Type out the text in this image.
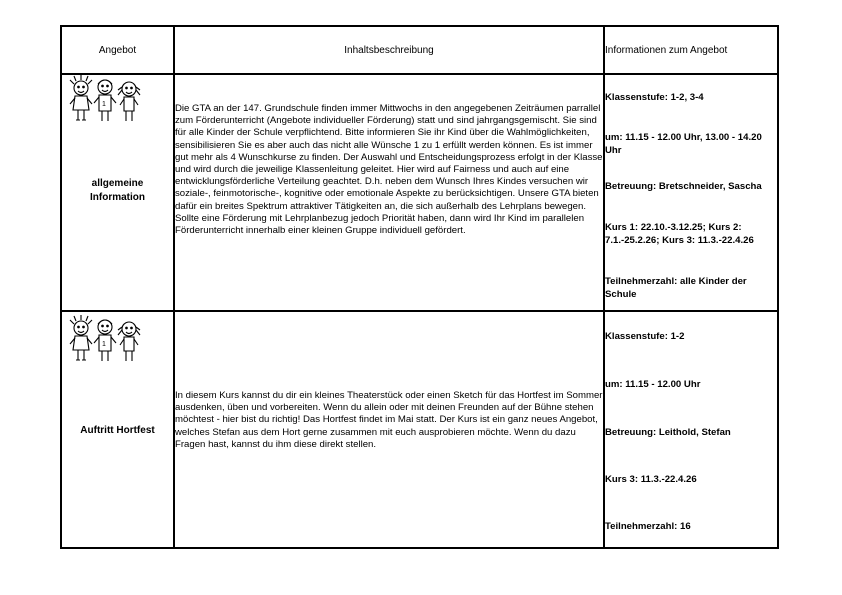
Angebot	Inhaltsbeschreibung	Informationen zum Angebot
1
allgemeine
Information
Die GTA an der 147. Grundschule finden immer Mittwochs in den angegebenen Zeiträumen parrallel zum Förderunterricht (Angebote individueller Förderung) statt und sind jahrgangsgemischt. Sie sind für alle Kinder der Schule verpflichtend. Bitte informieren Sie ihr Kind über die Wahlmöglichkeiten, sensibilisieren Sie es aber auch das nicht alle Wünsche 1 zu 1 erfüllt werden können. Es ist immer gut mehr als 4 Wunschkurse zu finden. Der Auswahl und Entscheidungsprozess erfolgt in der Klasse und wird durch die jeweilige Klassenleitung geleitet. Hier wird auf Fairness und auch auf eine entwicklungsförderliche Verteilung geachtet. D.h. neben dem Wunsch Ihres Kindes versuchen wir soziale-, feinmotorische-, kognitive oder emotionale Aspekte zu berücksichtigen. Unsere GTA bieten dafür ein breites Spektrum attraktiver Tätigkeiten an, die sich außerhalb des Lehrplans bewegen. Sollte eine Förderung mit Lehrplanbezug jedoch Priorität haben, dann wird Ihr Kind im parallelen Förderunterricht innerhalb einer kleinen Gruppe individuell gefördert.

Klassenstufe: 1-2, 3-4

um: 11.15 - 12.00 Uhr, 13.00 - 14.20 Uhr

Betreuung: Bretschneider, Sascha

Kurs 1: 22.10.-3.12.25; Kurs 2: 7.1.-25.2.26; Kurs 3: 11.3.-22.4.26

Teilnehmerzahl: alle Kinder der Schule

1
Auftritt Hortfest
In diesem Kurs kannst du dir ein kleines Theaterstück oder einen Sketch für das Hortfest im Sommer ausdenken, üben und vorbereiten. Wenn du allein oder mit deinen Freunden auf der Bühne stehen möchtest - hier bist du richtig! Das Hortfest findet im Mai statt. Der Kurs ist ein ganz neues Angebot, welches Stefan aus dem Hort gerne zusammen mit euch ausprobieren möchte. Wenn du dazu Fragen hast, kannst du ihm diese direkt stellen.

Klassenstufe: 1-2

um: 11.15 - 12.00 Uhr

Betreuung: Leithold, Stefan

Kurs 3: 11.3.-22.4.26

Teilnehmerzahl: 16
